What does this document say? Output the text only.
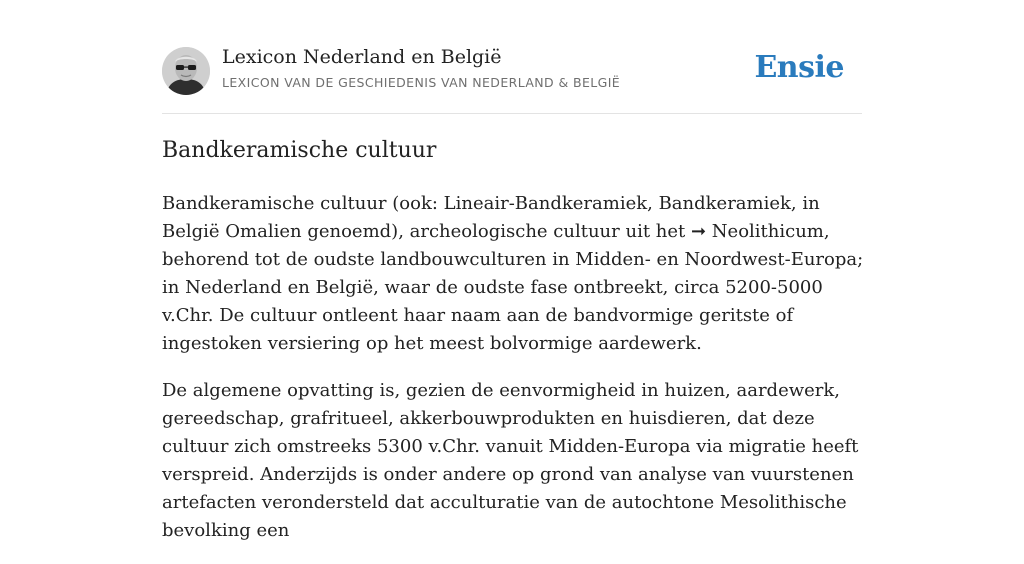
Lexicon Nederland en België
LEXICON VAN DE GESCHIEDENIS VAN NEDERLAND & BELGIË	Ensie
Bandkeramische cultuur

Bandkeramische cultuur (ook: Lineair-Bandkeramiek, Bandkeramiek, in België Omalien genoemd), archeologische cultuur uit het ➞ Neolithicum, behorend tot de oudste landbouwculturen in Midden- en Noordwest-Europa; in Nederland en België, waar de oudste fase ontbreekt, circa 5200-5000 v.Chr. De cultuur ontleent haar naam aan de bandvormige geritste of ingestoken versiering op het meest bolvormige aardewerk.

De algemene opvatting is, gezien de eenvormigheid in huizen, aardewerk, gereedschap, grafritueel, akkerbouwprodukten en huisdieren, dat deze cultuur zich omstreeks 5300 v.Chr. vanuit Midden-Europa via migratie heeft verspreid. Anderzijds is onder andere op grond van analyse van vuurstenen artefacten verondersteld dat acculturatie van de autochtone Mesolithische bevolking een
